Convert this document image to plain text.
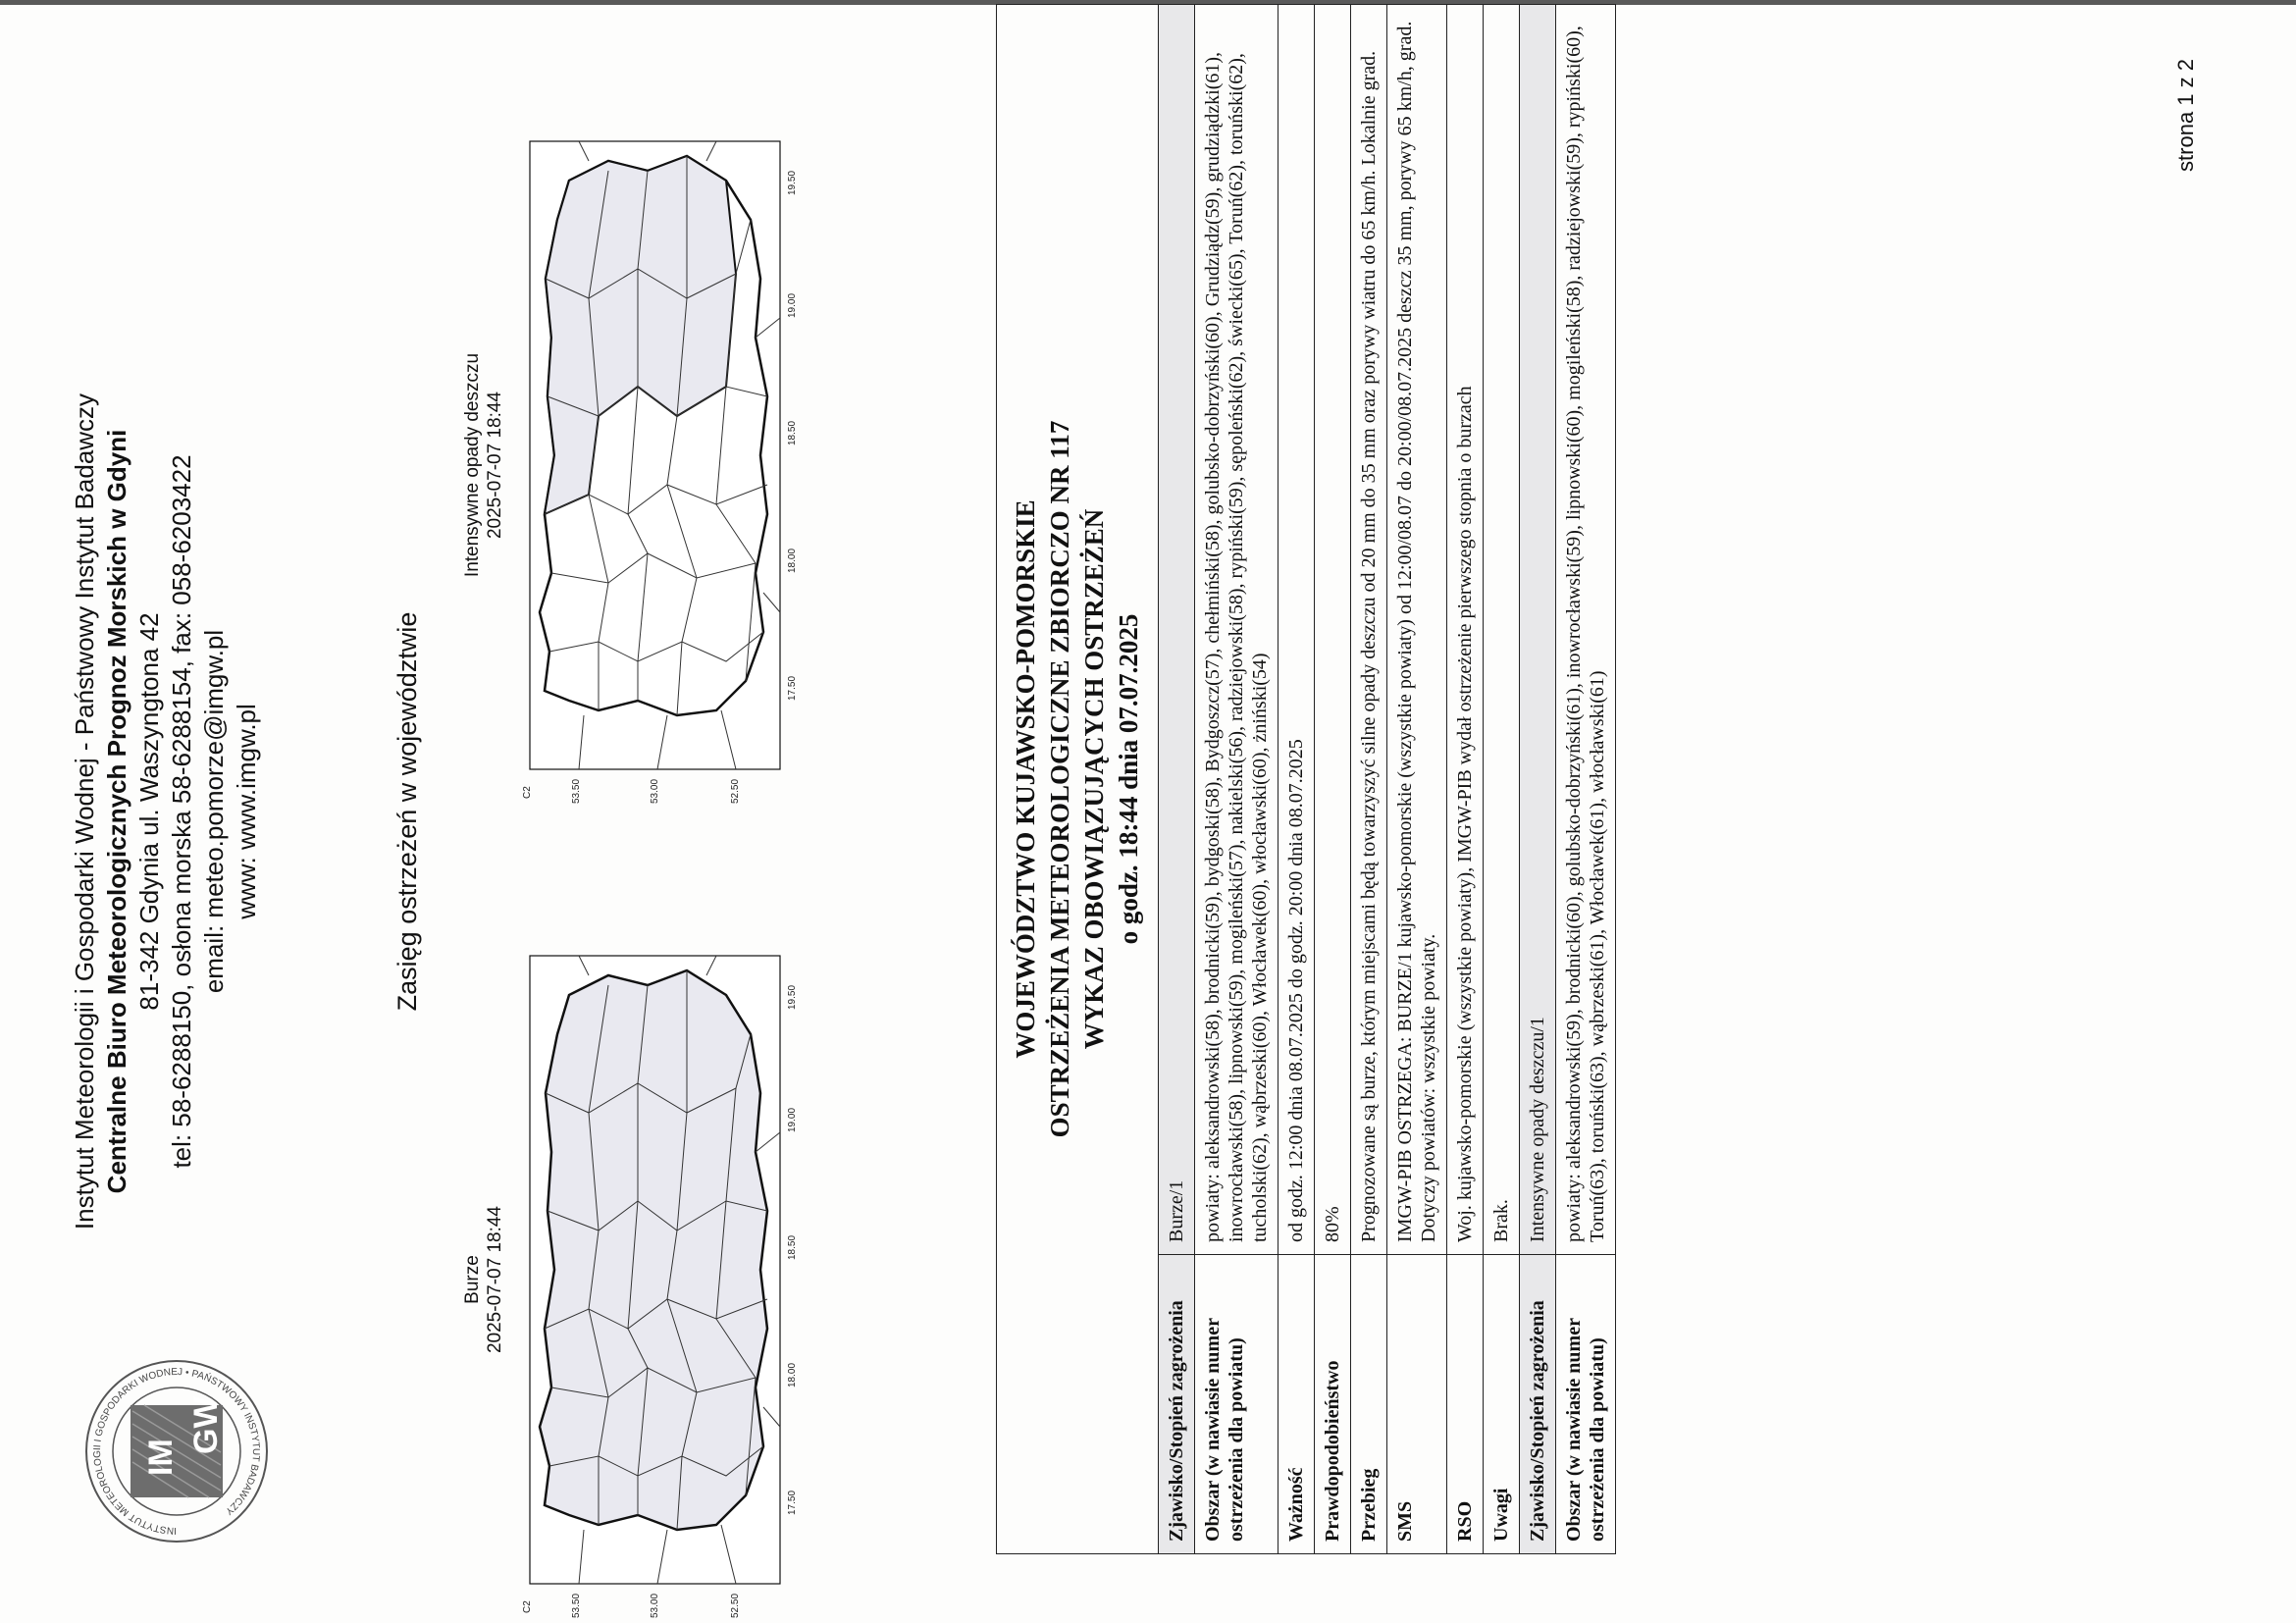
INSTYTUT METEOROLOGII I GOSPODARKI WODNEJ • PAŃSTWOWY INSTYTUT BADAWCZY
IM
GW
Instytut Meteorologii i Gospodarki Wodnej - Państwowy Instytut Badawczy Centralne Biuro Meteorologicznych Prognoz Morskich w Gdyni 81-342 Gdynia ul. Waszyngtona 42 tel: 58-6288150, osłona morska 58-6288154, fax: 058-6203422 email: meteo.pomorze@imgw.pl www: www.imgw.pl	Zasięg ostrzeżeń w województwie
Burze 2025-07-07 18:44
C2	53.50	53.00	52.50
17.50
18.00
18.50
19.00
19.50
Intensywne opady deszczu 2025-07-07 18:44
C2	53.50	53.00	52.50
17.50
18.00
18.50
19.00
19.50
WOJEWÓDZTWO KUJAWSKO-POMORSKIE OSTRZEŻENIA METEOROLOGICZNE ZBIORCZO NR 117 WYKAZ OBOWIĄZUJĄCYCH OSTRZEŻEŃ o godz. 18:44 dnia 07.07.2025	

Zjawisko/Stopień zagrożenia	Burze/1
Obszar (w nawiasie numer ostrzeżenia dla powiatu)	powiaty: aleksandrowski(58), brodnicki(59), bydgoski(58), Bydgoszcz(57), chełmiński(58), golubsko-dobrzyński(60), Grudziądz(59), grudziądzki(61), inowrocławski(58), lipnowski(59), mogileński(57), nakielski(56), radziejowski(58), rypiński(59), sępoleński(62), świecki(65), Toruń(62), toruński(62), tucholski(62), wąbrzeski(60), Włocławek(60), włocławski(60), żniński(54)
Ważność	od godz. 12:00 dnia 08.07.2025 do godz. 20:00 dnia 08.07.2025
Prawdopodobieństwo	80%
Przebieg	Prognozowane są burze, którym miejscami będą towarzyszyć silne opady deszczu od 20 mm do 35 mm oraz porywy wiatru do 65 km/h. Lokalnie grad.
SMS	IMGW-PIB OSTRZEGA: BURZE/1 kujawsko-pomorskie (wszystkie powiaty) od 12:00/08.07 do 20:00/08.07.2025 deszcz 35 mm, porywy 65 km/h, grad. Dotyczy powiatów: wszystkie powiaty.
RSO	Woj. kujawsko-pomorskie (wszystkie powiaty), IMGW-PIB wydał ostrzeżenie pierwszego stopnia o burzach
Uwagi	Brak.
Zjawisko/Stopień zagrożenia	Intensywne opady deszczu/1
Obszar (w nawiasie numer ostrzeżenia dla powiatu)	powiaty: aleksandrowski(59), brodnicki(60), golubsko-dobrzyński(61), inowrocławski(59), lipnowski(60), mogileński(58), radziejowski(59), rypiński(60), Toruń(63), toruński(63), wąbrzeski(61), Włocławek(61), włocławski(61)
strona 1 z 2
